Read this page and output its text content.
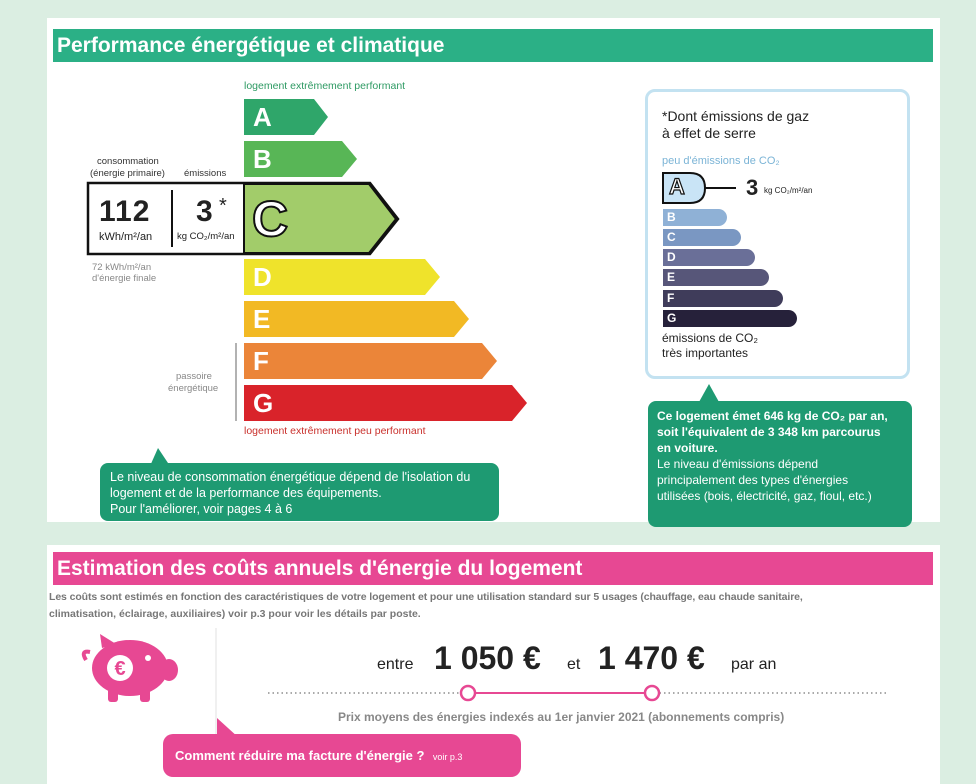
Performance énergétique et climatique
logement extrêmement performant
A
B
C
D
E
F
G
consommation
(énergie primaire) émissions
112
kWh/m²/an
3 *
kg CO₂/m²/an
72 kWh/m²/an
d'énergie finale
passoire
énergétique
logement extrêmement peu performant
Le niveau de consommation énergétique dépend de l'isolation du
logement et de la performance des équipements.
Pour l'améliorer, voir pages 4 à 6
*Dont émissions de gaz
à effet de serre
peu d'émissions de CO₂
A	3 kg CO₂/m²/an
B
C
D
E
F
G
émissions de CO₂
très importantes
Ce logement émet 646 kg de CO₂ par an,
soit l'équivalent de 3 348 km parcourus
en voiture.
Le niveau d'émissions dépend
principalement des types d'énergies
utilisées (bois, électricité, gaz, fioul, etc.)
Estimation des coûts annuels d'énergie du logement
Les coûts sont estimés en fonction des caractéristiques de votre logement et pour une utilisation standard sur 5 usages (chauffage, eau chaude sanitaire,
climatisation, éclairage, auxiliaires) voir p.3 pour voir les détails par poste.
€	entre 1 050 € et 1 470 € par an
Prix moyens des énergies indexés au 1er janvier 2021 (abonnements compris)
Comment réduire ma facture d'énergie ? voir p.3
